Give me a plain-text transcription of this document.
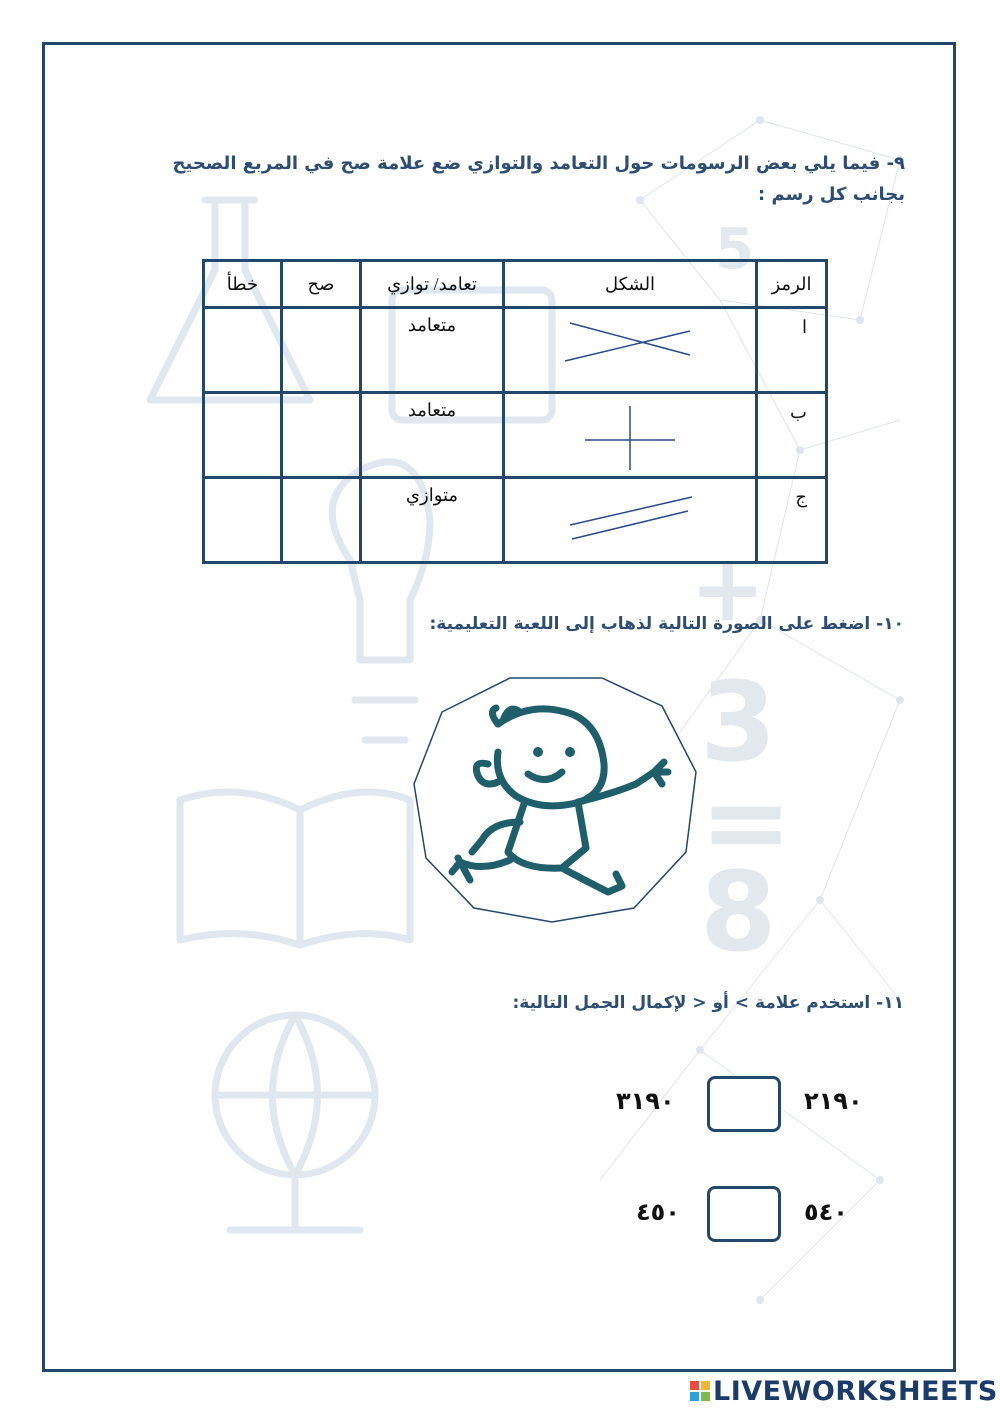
5
+
3
=
8
٩- فيما يلي بعض الرسومات حول التعامد والتوازي ضع علامة صح في المربع الصحيح
بجانب كل رسم :
الرمز	الشكل	تعامد/ توازي	صح	خطأ
ا		متعامد		
ب		متعامد		
ج		متوازي		
١٠- اضغط على الصورة التالية لذهاب إلى اللعبة التعليمية:
١١- استخدم علامة > أو < لإكمال الجمل التالية:
٣١٩٠	٢١٩٠
٤٥٠	٥٤٠
LIVEWORKSHEETS
